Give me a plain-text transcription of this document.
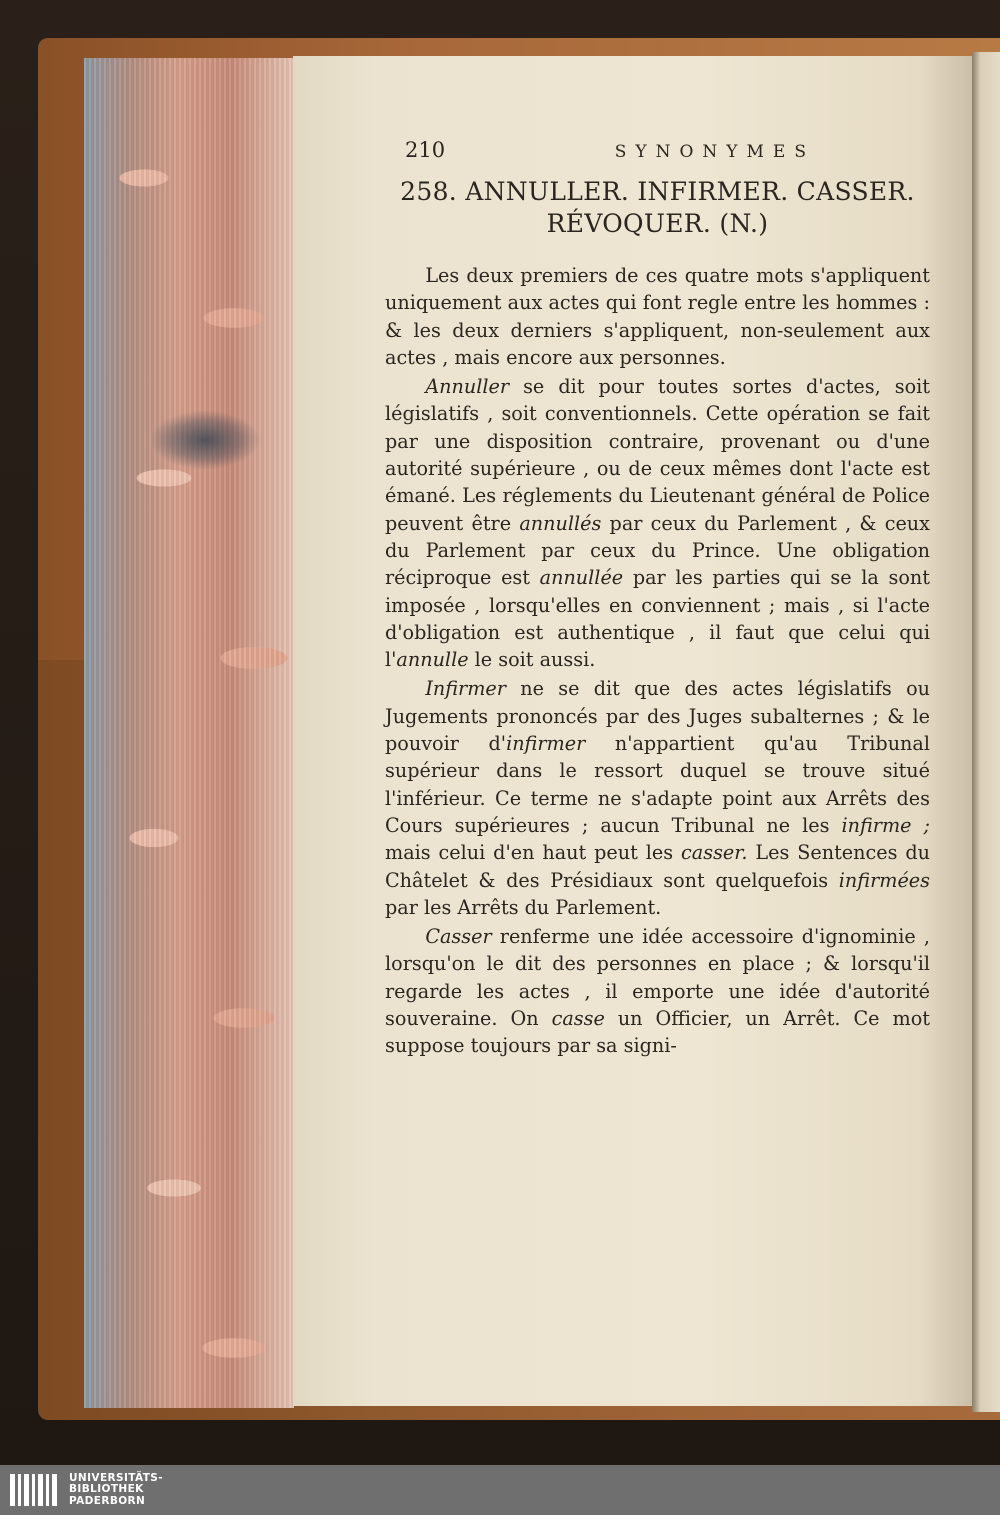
210	SYNONYMES
258. ANNULLER. INFIRMER. CASSER.
RÉVOQUER. (N.)

Les deux premiers de ces quatre mots s'appliquent uniquement aux actes qui font regle entre les hommes : & les deux derniers s'appliquent, non-seulement aux actes , mais encore aux personnes.

Annuller se dit pour toutes sortes d'actes, soit législatifs , soit conventionnels. Cette opération se fait par une disposition contraire, provenant ou d'une autorité supérieure , ou de ceux mêmes dont l'acte est émané. Les réglements du Lieutenant général de Police peuvent être annullés par ceux du Parlement , & ceux du Parlement par ceux du Prince. Une obligation réciproque est annullée par les parties qui se la sont imposée , lorsqu'elles en conviennent ; mais , si l'acte d'obligation est authentique , il faut que celui qui l'annulle le soit aussi.

Infirmer ne se dit que des actes législatifs ou Jugements prononcés par des Juges subalternes ; & le pouvoir d'infirmer n'appartient qu'au Tribunal supérieur dans le ressort duquel se trouve situé l'inférieur. Ce terme ne s'adapte point aux Arrêts des Cours supérieures ; aucun Tribunal ne les infirme ; mais celui d'en haut peut les casser. Les Sentences du Châtelet & des Présidiaux sont quelquefois infirmées par les Arrêts du Parlement.

Casser renferme une idée accessoire d'ignominie , lorsqu'on le dit des personnes en place ; & lorsqu'il regarde les actes , il emporte une idée d'autorité souveraine. On casse un Officier, un Arrêt. Ce mot suppose toujours par sa signi-

UNIVERSITÄTS-
BIBLIOTHEK
PADERBORN
